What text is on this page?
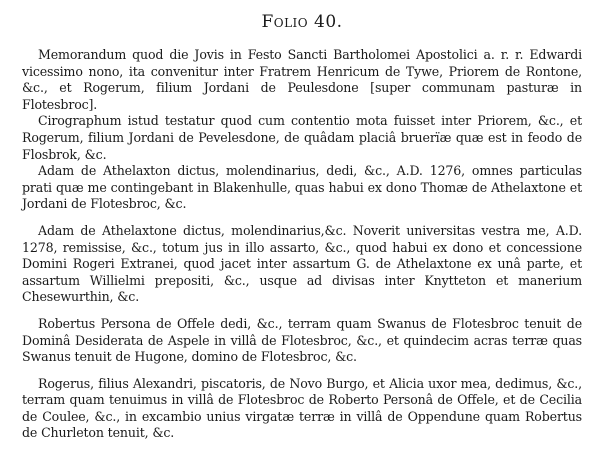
Folio 40.

Memorandum quod die Jovis in Festo Sancti Bartholomei Apostolici a. r. r. Edwardi vicessimo nono, ita convenitur inter Fratrem Henricum de Tywe, Priorem de Rontone, &c., et Rogerum, filium Jordani de Peulesdone [super communam pasturæ in Flotesbroc].

Cirographum istud testatur quod cum contentio mota fuisset inter Priorem, &c., et Rogerum, filium Jordani de Pevelesdone, de quâdam placiâ bruerïæ quæ est in feodo de Flosbrok, &c.

Adam de Athelaxton dictus, molendinarius, dedi, &c., A.D. 1276, omnes particulas prati quæ me contingebant in Blakenhulle, quas habui ex dono Thomæ de Athelaxtone et Jordani de Flotesbroc, &c.

Adam de Athelaxtone dictus, molendinarius,&c. Noverit universitas vestra me, A.D. 1278, remissise, &c., totum jus in illo assarto, &c., quod habui ex dono et concessione Domini Rogeri Extranei, quod jacet inter assartum G. de Athelaxtone ex unâ parte, et assartum Willielmi prepositi, &c., usque ad divisas inter Knytteton et manerium Chesewurthin, &c.

Robertus Persona de Offele dedi, &c., terram quam Swanus de Flotesbroc tenuit de Dominâ Desiderata de Aspele in villâ de Flotesbroc, &c., et quindecim acras terræ quas Swanus tenuit de Hugone, domino de Flotesbroc, &c.

Rogerus, filius Alexandri, piscatoris, de Novo Burgo, et Alicia uxor mea, dedimus, &c., terram quam tenuimus in villâ de Flotesbroc de Roberto Personâ de Offele, et de Cecilia de Coulee, &c., in excambio unius virgatæ terræ in villâ de Oppendune quam Robertus de Churleton tenuit, &c.
